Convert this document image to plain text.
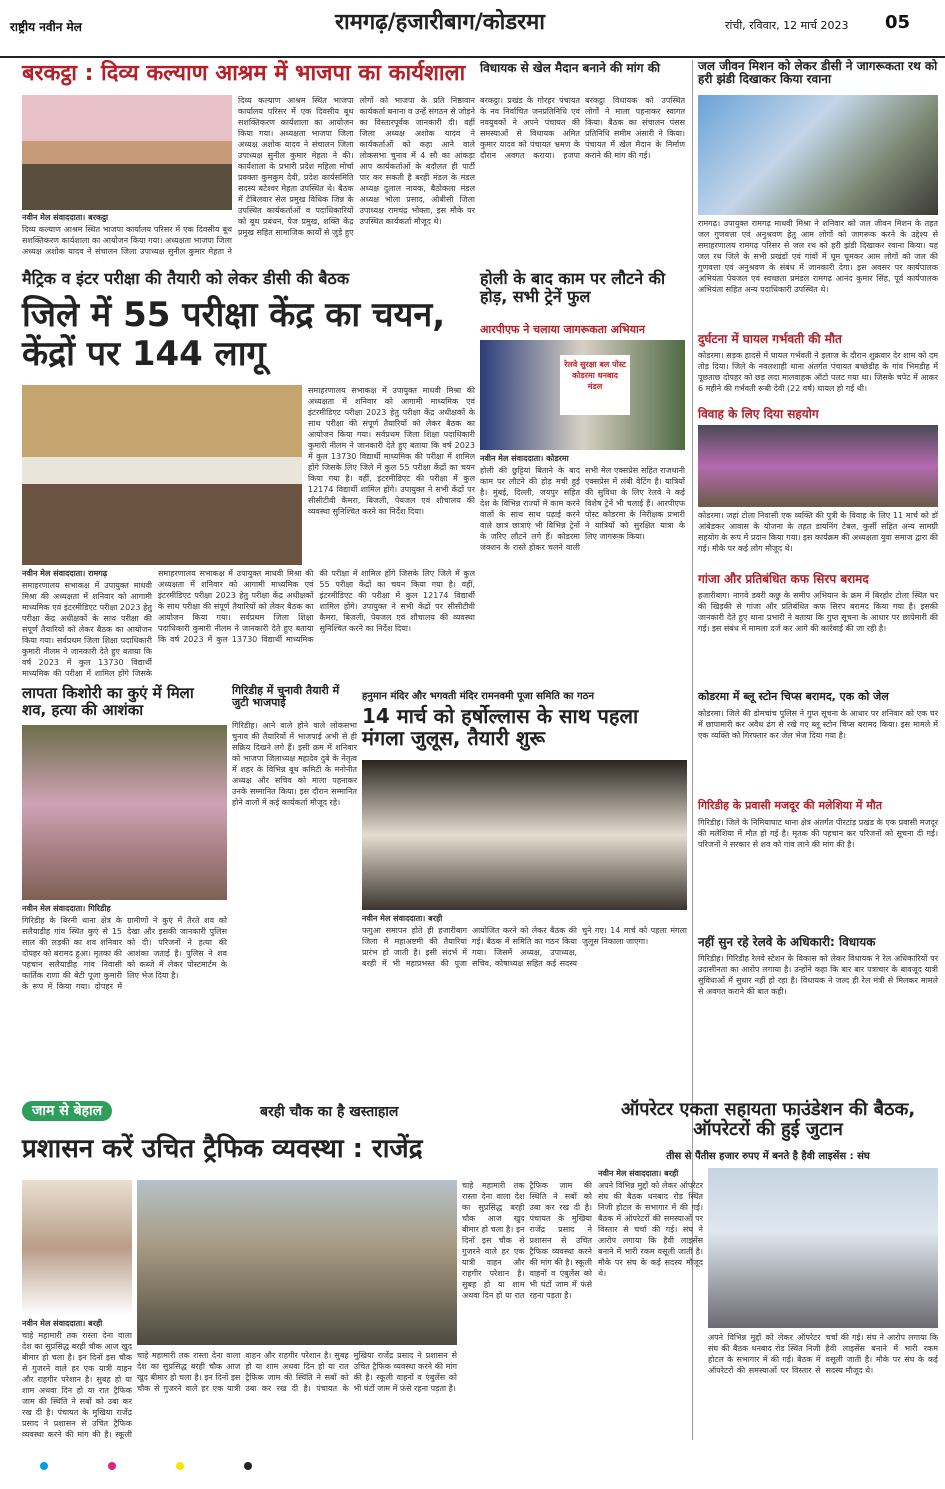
राष्ट्रीय नवीन मेल	रामगढ़/हजारीबाग/कोडरमा	रांची, रविवार, 12 मार्च 2023 05
बरकट्ठा : दिव्य कल्याण आश्रम में भाजपा का कार्यशाला
नवीन मेल संवाददाता। बरकट्ठा
दिव्य कल्याण आश्रम स्थित भाजपा कार्यालय परिसर में एक दिवसीय बूथ सशक्तिकरण कार्यशाला का आयोजन किया गया। अध्यक्षता भाजपा जिला अध्यक्ष अशोक यादव ने संचालन जिला उपाध्यक्ष सुनील कुमार मेहता ने
दिव्य कल्याण आश्रम स्थित भाजपा कार्यालय परिसर में एक दिवसीय बूथ सशक्तिकरण कार्यशाला का आयोजन किया गया। अध्यक्षता भाजपा जिला अध्यक्ष अशोक यादव ने संचालन जिला उपाध्यक्ष सुनील कुमार मेहता ने की। कार्यशाला के प्रभारी प्रदेश महिला मोर्चा प्रवक्ता कुमकुम देवी, प्रदेश कार्यसमिति सदस्य बटेश्वर मेहता उपस्थित थे। बैठक में टेबिलवार सेल प्रमुख विधिक जिन्न के उपस्थित कार्यकर्ताओं व पदाधिकारियों को बूथ प्रबंधन, पेज प्रमुख, शक्ति केंद्र प्रमुख सहित सामाजिक कार्यों से जुड़े हुए लोगों को भाजपा के प्रति निष्ठावान कार्यकर्ता बनाना व उन्हें संगठन से जोड़ने का विस्तारपूर्वक जानकारी दी। वहीं जिला अध्यक्ष अशोक यादव ने कार्यकर्ताओं को कहा आने वाले लोकसभा चुनाव में 4 सौ का आंकड़ा आप कार्यकर्ताओं के बदौलत ही पार्टी पार कर सकती है बरही मंडल के मंडल अध्यक्ष दुलाल नायक, बैठोकला मंडल अध्यक्ष भोला प्रसाद, ओबीसी जिला उपाध्यक्ष रामचंद्र भोक्ता, इस मौके पर उपस्थित कार्यकर्ता मौजूद थे।
विधायक से खेल मैदान बनाने की मांग की
बरकट्ठा। प्रखंड के गोरहर पंचायत के नव निर्वाचित जनप्रतिनिधि एवं नवयुवकों ने अपने पंचायत की समस्याओं से विधायक अमित कुमार यादव को पंचायत भ्रमण के दौरान अवगत कराया। हजपा बरकट्ठा विधायक को उपस्थित लोगों ने माला पहनाकर स्वागत किया। बैठक का संचालन पंसस प्रतिनिधि समीम अंसारी ने किया। पंचायत में खेल मैदान के निर्माण कराने की मांग की गई।
जल जीवन मिशन को लेकर डीसी ने जागरूकता रथ को हरी झंडी दिखाकर किया रवाना
रामगढ़। उपायुक्त रामगढ़ माधवी मिश्रा ने शनिवार को जल जीवन मिशन के तहत जल गुणवत्ता एवं अनुश्रवण हेतु आम लोगों को जागरूक करने के उद्देश्य से समाहरणालय रामगढ़ परिसर से जल रथ को हरी झंडी दिखाकर रवाना किया। यह जल रथ जिले के सभी प्रखंडों एवं गांवों में घूम घूमकर आम लोगों को जल की गुणवत्ता एवं अनुश्रवण के संबंध में जानकारी देगा। इस अवसर पर कार्यपालक अभियंता पेयजल एवं स्वच्छता प्रमंडल रामगढ़ आनंद कुमार सिंह, पूर्व कार्यपालक अभियंता सहित अन्य पदाधिकारी उपस्थित थे।
दुर्घटना में घायल गर्भवती की मौत
कोडरमा। सड़क हादसे में घायल गर्भवती ने इलाज के दौरान शुक्रवार देर शाम को दम तोड़ दिया। जिले के नवलशाही थाना अंतर्गत पंचायत बच्छेडीह के गांव भिमडीह में पूछताछ दोपहर को छड़ लदा मालवाहक ऑटो पलट गया था। जिसके चपेट में आकर 6 महीने की गर्भवती रूबी देवी (22 वर्ष) घायल हो गई थी।
विवाह के लिए दिया सहयोग
कोडरमा। जहां टोला निवासी एक व्यक्ति की पुत्री के विवाह के लिए 11 मार्च को डॉ आंबेडकर आवास के योजना के तहत डायनिंग टेबल, कुर्सी सहित अन्य सामग्री सहयोग के रूप में प्रदान किया गया। इस कार्यक्रम की अध्यक्षता युवा समाज द्वारा की गई। मौके पर कई लोग मौजूद थे।
गांजा और प्रतिबंधित कफ सिरप बरामद
हजारीबाग। नागवे डबरी कछु के समीप अभियान के क्रम में बिरहोर टोला स्थित घर की खिड़की से गांजा और प्रतिबंधित कफ सिरप बरामद किया गया है। इसकी जानकारी देते हुए थाना प्रभारी ने बताया कि गुप्त सूचना के आधार पर छापेमारी की गई। इस संबंध में मामला दर्ज कर आगे की कार्रवाई की जा रही है।
कोडरमा में ब्लू स्टोन चिप्स बरामद, एक को जेल
कोडरमा। जिले की डोमचांच पुलिस ने गुप्त सूचना के आधार पर शनिवार को एक घर में छापामारी कर अवैध ढंग से रखे गए ब्लू स्टोन चिप्स बरामद किया। इस मामले में एक व्यक्ति को गिरफ्तार कर जेल भेज दिया गया है।
गिरिडीह के प्रवासी मजदूर की मलेशिया में मौत
गिरिडीह। जिले के निमियाघाट थाना क्षेत्र अंतर्गत पीरटांड़ प्रखंड के एक प्रवासी मजदूर की मलेशिया में मौत हो गई है। मृतक की पहचान कर परिजनों को सूचना दी गई। परिजनों ने सरकार से शव को गांव लाने की मांग की है।
नहीं सुन रहे रेलवे के अधिकारी: विधायक
गिरिडीह। गिरिडीह रेलवे स्टेशन के विकास को लेकर विधायक ने रेल अधिकारियों पर उदासीनता का आरोप लगाया है। उन्होंने कहा कि बार बार पत्राचार के बावजूद यात्री सुविधाओं में सुधार नहीं हो रहा है। विधायक ने जल्द ही रेल मंत्री से मिलकर मामले से अवगत कराने की बात कही।
मैट्रिक व इंटर परीक्षा की तैयारी को लेकर डीसी की बैठक
जिले में 55 परीक्षा केंद्र का चयन, केंद्रों पर 144 लागू
नवीन मेल संवाददाता। रामगढ़
समाहरणालय सभाकक्ष में उपायुक्त माधवी मिश्रा की अध्यक्षता में शनिवार को आगामी माध्यमिक एवं इंटरमीडिएट परीक्षा 2023 हेतु परीक्षा केंद्र अधीक्षकों के साथ परीक्षा की संपूर्ण तैयारियों को लेकर बैठक का आयोजन किया गया। सर्वप्रथम जिला शिक्षा पदाधिकारी कुमारी नीलम ने जानकारी देते हुए बताया कि वर्ष 2023 में कुल 13730 विद्यार्थी माध्यमिक की परीक्षा में शामिल होंगे जिसके
समाहरणालय सभाकक्ष में उपायुक्त माधवी मिश्रा की अध्यक्षता में शनिवार को आगामी माध्यमिक एवं इंटरमीडिएट परीक्षा 2023 हेतु परीक्षा केंद्र अधीक्षकों के साथ परीक्षा की संपूर्ण तैयारियों को लेकर बैठक का आयोजन किया गया। सर्वप्रथम जिला शिक्षा पदाधिकारी कुमारी नीलम ने जानकारी देते हुए बताया कि वर्ष 2023 में कुल 13730 विद्यार्थी माध्यमिक की परीक्षा में शामिल होंगे जिसके लिए जिले में कुल 55 परीक्षा केंद्रों का चयन किया गया है। वहीं, इंटरमीडिएट की परीक्षा में कुल 12174 विद्यार्थी शामिल होंगे। उपायुक्त ने सभी केंद्रों पर सीसीटीवी कैमरा, बिजली, पेयजल एवं शौचालय की व्यवस्था सुनिश्चित करने का निर्देश दिया।
समाहरणालय सभाकक्ष में उपायुक्त माधवी मिश्रा की अध्यक्षता में शनिवार को आगामी माध्यमिक एवं इंटरमीडिएट परीक्षा 2023 हेतु परीक्षा केंद्र अधीक्षकों के साथ परीक्षा की संपूर्ण तैयारियों को लेकर बैठक का आयोजन किया गया। सर्वप्रथम जिला शिक्षा पदाधिकारी कुमारी नीलम ने जानकारी देते हुए बताया कि वर्ष 2023 में कुल 13730 विद्यार्थी माध्यमिक की परीक्षा में शामिल होंगे जिसके लिए जिले में कुल 55 परीक्षा केंद्रों का चयन किया गया है। वहीं, इंटरमीडिएट की परीक्षा में कुल 12174 विद्यार्थी शामिल होंगे। उपायुक्त ने सभी केंद्रों पर सीसीटीवी कैमरा, बिजली, पेयजल एवं शौचालय की व्यवस्था सुनिश्चित करने का निर्देश दिया।
होली के बाद काम पर लौटने की होड़, सभी ट्रेनें फुल
आरपीएफ ने चलाया जागरूकता अभियान
रेलवे सुरक्षा बल पोस्ट कोडरमा धनबाद मंडल
नवीन मेल संवाददाता। कोडरमा
होली की छुट्टियां बिताने के बाद काम पर लौटने की होड़ मची हुई है। मुंबई, दिल्ली, जयपुर सहित देश के विभिन्न राज्यों में काम करने वालों के साथ साथ पढ़ाई करने वाले छात्र छात्राएं भी विभिन्न ट्रेनों के जरिए लौटने लगे हैं। कोडरमा जंक्शन के रास्ते होकर चलने वाली सभी मेल एक्सप्रेस सहित राजधानी एक्सप्रेस में लंबी वेटिंग है। यात्रियों की सुविधा के लिए रेलवे ने कई विशेष ट्रेनें भी चलाई हैं। आरपीएफ पोस्ट कोडरमा के निरीक्षक प्रभारी ने यात्रियों को सुरक्षित यात्रा के लिए जागरूक किया।
लापता किशोरी का कुएं में मिला शव, हत्या की आशंका
नवीन मेल संवाददाता। गिरिडीह
गिरिडीह के बिरनी थाना क्षेत्र के सलैयाडीह गांव स्थित कुएं से 15 साल की लड़की का शव शनिवार दोपहर को बरामद हुआ। मृतका की पहचान सलैयाडीह गांव निवासी कार्तिक राणा की बेटी पूजा कुमारी के रूप में किया गया। दोपहर में ग्रामीणों ने कुएं में तैरते शव को देखा और इसकी जानकारी पुलिस को दी। परिजनों ने हत्या की आशंका जताई है। पुलिस ने शव को कब्जे में लेकर पोस्टमार्टम के लिए भेज दिया है।
गिरिडीह में चुनावी तैयारी में जुटी भाजपाई
गिरिडीह। आने वाले होने वाले लोकसभा चुनाव की तैयारियों में भाजपाई अभी से ही सक्रिय दिखने लगे हैं। इसी क्रम में शनिवार को भाजपा जिलाध्यक्ष महादेव दुबे के नेतृत्व में शहर के विभिन्न बूथ कमिटी के मनोनीत अध्यक्ष और सचिव को माला पहनाकर उनके सम्मानित किया। इस दौरान सम्मानित होने वालों में कई कार्यकर्ता मौजूद रहे।
हनुमान मंदिर और भगवती मंदिर रामनवमी पूजा समिति का गठन
14 मार्च को हर्षोल्लास के साथ पहला मंगला जुलूस, तैयारी शुरू
नवीन मेल संवाददाता। बरही
फगुआ समापन होते ही हजारीबाग जिला में महाअष्टमी की तैयारियां प्रारंभ हो जाती है। इसी संदर्भ में बरही में भी महाप्रभस्त की पूजा आयोजित करने को लेकर बैठक की गई। बैठक में समिति का गठन किया गया। जिसमें अध्यक्ष, उपाध्यक्ष, सचिव, कोषाध्यक्ष सहित कई सदस्य चुने गए। 14 मार्च को पहला मंगला जुलूस निकाला जाएगा।
जाम से बेहाल	बरही चौक का है खस्ताहाल
प्रशासन करें उचित ट्रैफिक व्यवस्था : राजेंद्र
नवीन मेल संवाददाता। बरही
चाहे महामारी तक रास्ता देना वाला देश का सुप्रसिद्ध बरही चौक आज खुद बीमार हो चला है। इन दिनों इस चौक से गुजरने वाले हर एक यात्री वाहन और राहगीर परेशान है। सुबह हो या शाम अथवा दिन हो या रात ट्रैफिक जाम की स्थिति ने सबों को उबा कर रख दी है। पंचायत के मुखिया राजेंद्र प्रसाद ने प्रशासन से उचित ट्रैफिक व्यवस्था करने की मांग की है। स्कूली
चाहे महामारी तक रास्ता देना वाला देश का सुप्रसिद्ध बरही चौक आज खुद बीमार हो चला है। इन दिनों इस चौक से गुजरने वाले हर एक यात्री वाहन और राहगीर परेशान है। सुबह हो या शाम अथवा दिन हो या रात ट्रैफिक जाम की स्थिति ने सबों को उबा कर रख दी है। पंचायत के मुखिया राजेंद्र प्रसाद ने प्रशासन से उचित ट्रैफिक व्यवस्था करने की मांग की है। स्कूली वाहनों व एंबुलेंस को भी घंटों जाम में फंसे रहना पड़ता है।
चाहे महामारी तक रास्ता देना वाला देश का सुप्रसिद्ध बरही चौक आज खुद बीमार हो चला है। इन दिनों इस चौक से गुजरने वाले हर एक यात्री वाहन और राहगीर परेशान है। सुबह हो या शाम अथवा दिन हो या रात ट्रैफिक जाम की स्थिति ने सबों को उबा कर रख दी है। पंचायत के मुखिया राजेंद्र प्रसाद ने प्रशासन से उचित ट्रैफिक व्यवस्था करने की मांग की है। स्कूली वाहनों व एंबुलेंस को भी घंटों जाम में फंसे रहना पड़ता है।
ऑपरेटर एकता सहायता फाउंडेशन की बैठक, ऑपरेटरों की हुई जुटान
तीस से पैंतीस हजार रुपए में बनते है हैवी लाइसेंस : संघ
नवीन मेल संवाददाता। बरही
अपने विभिन्न मुद्दों को लेकर ऑपरेटर संघ की बैठक धनबाद रोड स्थित निजी होटल के सभागार में की गई। बैठक में ऑपरेटरों की समस्याओं पर विस्तार से चर्चा की गई। संघ ने आरोप लगाया कि हैवी लाइसेंस बनाने में भारी रकम वसूली जाती है। मौके पर संघ के कई सदस्य मौजूद थे।
अपने विभिन्न मुद्दों को लेकर ऑपरेटर संघ की बैठक धनबाद रोड स्थित निजी होटल के सभागार में की गई। बैठक में ऑपरेटरों की समस्याओं पर विस्तार से चर्चा की गई। संघ ने आरोप लगाया कि हैवी लाइसेंस बनाने में भारी रकम वसूली जाती है। मौके पर संघ के कई सदस्य मौजूद थे।
